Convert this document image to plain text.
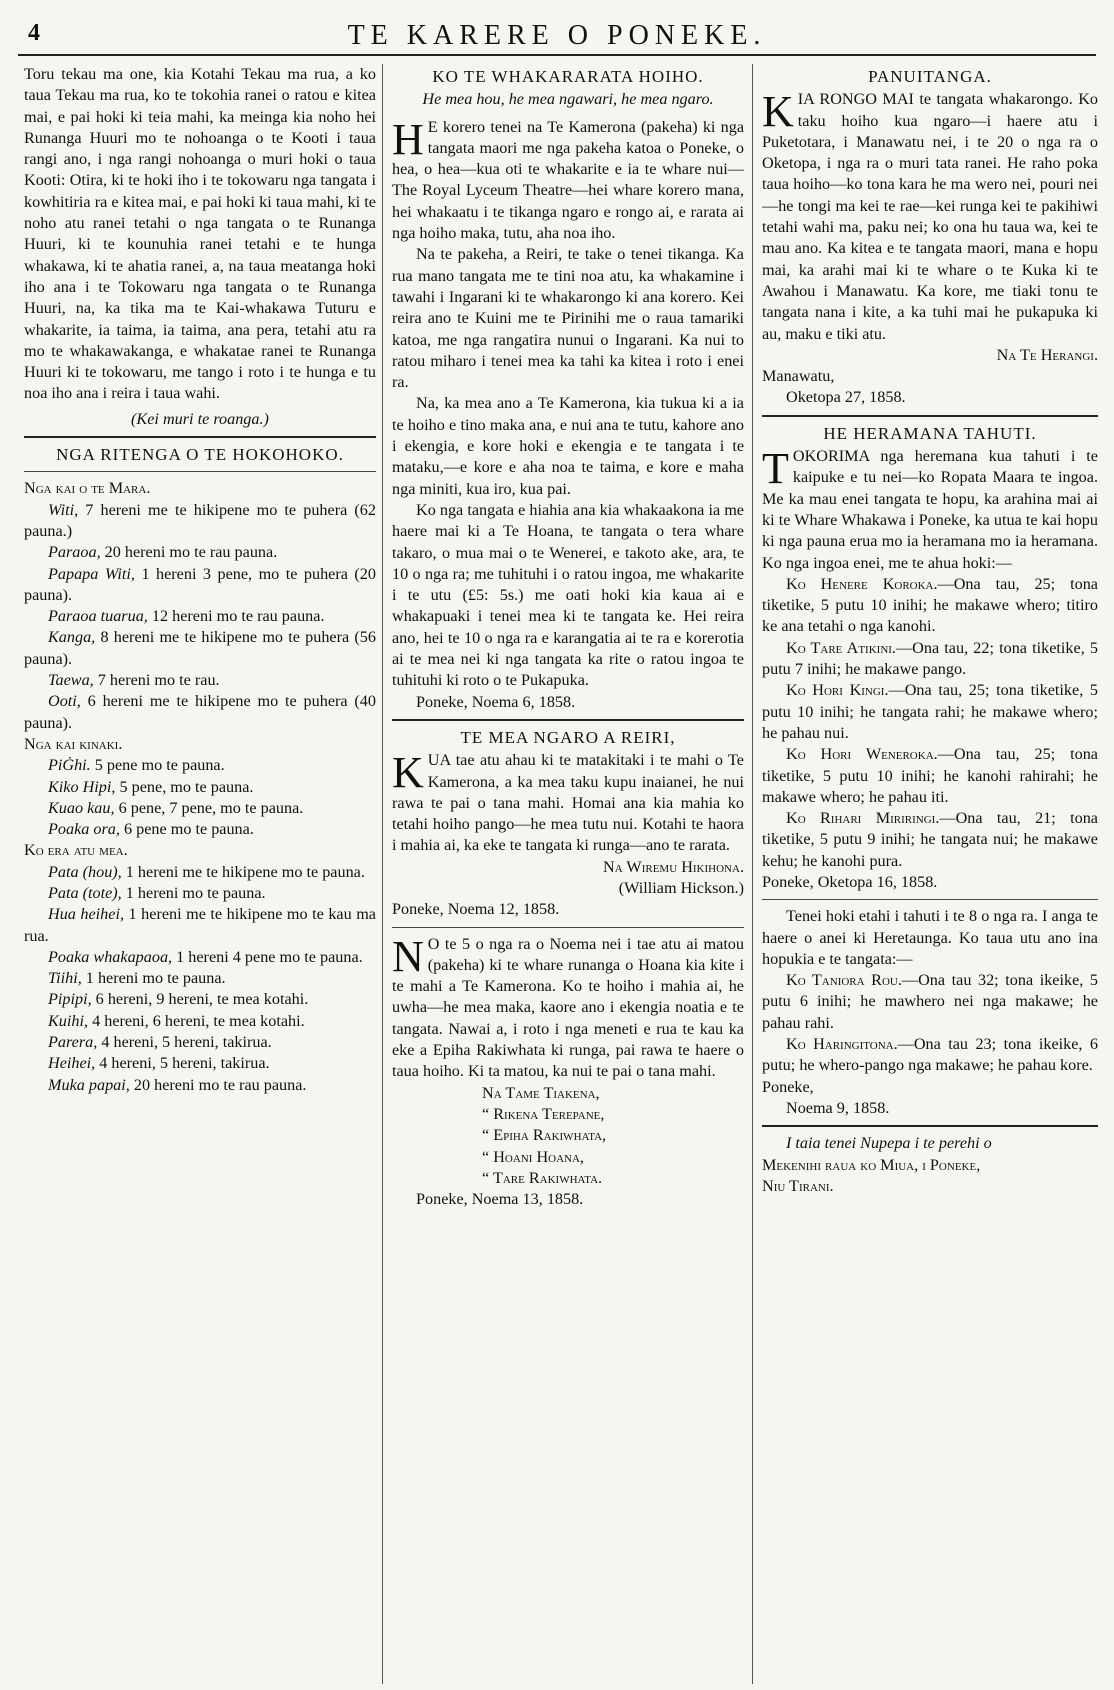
4	TE KARERE O PONEKE.

Toru tekau ma one, kia Kotahi Tekau ma rua, a ko taua Tekau ma rua, ko te tokohia ranei o ratou e kitea mai, e pai hoki ki teia mahi, ka meinga kia noho hei Runanga Huuri mo te nohoanga o te Kooti i taua rangi ano, i nga rangi nohoanga o muri hoki o taua Kooti: Otira, ki te hoki iho i te tokowaru nga tangata i kowhitiria ra e kitea mai, e pai hoki ki taua mahi, ki te noho atu ranei tetahi o nga tangata o te Runanga Huuri, ki te kounuhia ranei tetahi e te hunga whakawa, ki te ahatia ranei, a, na taua meatanga hoki iho ana i te Tokowaru nga tangata o te Runanga Huuri, na, ka tika ma te Kai-whakawa Tuturu e whakarite, ia taima, ia taima, ana pera, tetahi atu ra mo te whakawakanga, e whakatae ranei te Runanga Huuri ki te tokowaru, me tango i roto i te hunga e tu noa iho ana i reira i taua wahi.

(Kei muri te roanga.)

NGA RITENGA O TE HOKOHOKO.

Nga kai o te Mara.

Witi, 7 hereni me te hikipene mo te puhera (62 pauna.)

Paraoa, 20 hereni mo te rau pauna.

Papapa Witi, 1 hereni 3 pene, mo te puhera (20 pauna).

Paraoa tuarua, 12 hereni mo te rau pauna.

Kanga, 8 hereni me te hikipene mo te puhera (56 pauna).

Taewa, 7 hereni mo te rau.

Ooti, 6 hereni me te hikipene mo te puhera (40 pauna).

Nga kai kinaki.

PiĠhi. 5 pene mo te pauna.

Kiko Hipi, 5 pene, mo te pauna.

Kuao kau, 6 pene, 7 pene, mo te pauna.

Poaka ora, 6 pene mo te pauna.

Ko era atu mea.

Pata (hou), 1 hereni me te hikipene mo te pauna.

Pata (tote), 1 hereni mo te pauna.

Hua heihei, 1 hereni me te hikipene mo te kau ma rua.

Poaka whakapaoa, 1 hereni 4 pene mo te pauna.

Tiihi, 1 hereni mo te pauna.

Pipipi, 6 hereni, 9 hereni, te mea kotahi.

Kuihi, 4 hereni, 6 hereni, te mea kotahi.

Parera, 4 hereni, 5 hereni, takirua.

Heihei, 4 hereni, 5 hereni, takirua.

Muka papai, 20 hereni mo te rau pauna.

KO TE WHAKARARATA HOIHO.

He mea hou, he mea ngawari, he mea ngaro.

H E korero tenei na Te Kamerona (pakeha) ki nga tangata maori me nga pakeha katoa o Poneke, o hea, o hea—kua oti te whakarite e ia te whare nui—The Royal Lyceum Theatre—hei whare korero mana, hei whakaatu i te tikanga ngaro e rongo ai, e rarata ai nga hoiho maka, tutu, aha noa iho.

Na te pakeha, a Reiri, te take o tenei tikanga. Ka rua mano tangata me te tini noa atu, ka whakamine i tawahi i Ingarani ki te whakarongo ki ana korero. Kei reira ano te Kuini me te Pirinihi me o raua tamariki katoa, me nga rangatira nunui o Ingarani. Ka nui to ratou miharo i tenei mea ka tahi ka kitea i roto i enei ra.

Na, ka mea ano a Te Kamerona, kia tukua ki a ia te hoiho e tino maka ana, e nui ana te tutu, kahore ano i ekengia, e kore hoki e ekengia e te tangata i te mataku,—e kore e aha noa te taima, e kore e maha nga miniti, kua iro, kua pai.

Ko nga tangata e hiahia ana kia whakaakona ia me haere mai ki a Te Hoana, te tangata o tera whare takaro, o mua mai o te Wenerei, e takoto ake, ara, te 10 o nga ra; me tuhituhi i o ratou ingoa, me whakarite i te utu (£5: 5s.) me oati hoki kia kaua ai e whakapuaki i tenei mea ki te tangata ke. Hei reira ano, hei te 10 o nga ra e karangatia ai te ra e korerotia ai te mea nei ki nga tangata ka rite o ratou ingoa te tuhituhi ki roto o te Pukapuka.

Poneke, Noema 6, 1858.

TE MEA NGARO A REIRI,

KUA tae atu ahau ki te matakitaki i te mahi o Te Kamerona, a ka mea taku kupu inaianei, he nui rawa te pai o tana mahi. Homai ana kia mahia ko tetahi hoiho pango—he mea tutu nui. Kotahi te haora i mahia ai, ka eke te tangata ki runga—ano te rarata.

Na Wiremu Hikihona.

(William Hickson.)

Poneke, Noema 12, 1858.

N O te 5 o nga ra o Noema nei i tae atu ai matou (pakeha) ki te whare runanga o Hoana kia kite i te mahi a Te Kamerona. Ko te hoiho i mahia ai, he uwha—he mea maka, kaore ano i ekengia noatia e te tangata. Nawai a, i roto i nga meneti e rua te kau ka eke a Epiha Rakiwhata ki runga, pai rawa te haere o taua hoiho. Ki ta matou, ka nui te pai o tana mahi.

Na Tame Tiakena,

“ Rikena Terepane,

“ Epiha Rakiwhata,

“ Hoani Hoana,

“ Tare Rakiwhata.

Poneke, Noema 13, 1858.

PANUITANGA.

KIA RONGO MAI te tangata whakarongo. Ko taku hoiho kua ngaro—i haere atu i Puketotara, i Manawatu nei, i te 20 o nga ra o Oketopa, i nga ra o muri tata ranei. He raho poka taua hoiho—ko tona kara he ma wero nei, pouri nei—he tongi ma kei te rae—kei runga kei te pakihiwi tetahi wahi ma, paku nei; ko ona hu taua wa, kei te mau ano. Ka kitea e te tangata maori, mana e hopu mai, ka arahi mai ki te whare o te Kuka ki te Awahou i Manawatu. Ka kore, me tiaki tonu te tangata nana i kite, a ka tuhi mai he pukapuka ki au, maku e tiki atu.

Na Te Herangi.

Manawatu,

Oketopa 27, 1858.

HE HERAMANA TAHUTI.

TOKORIMA nga heremana kua tahuti i te kaipuke e tu nei—ko Ropata Maara te ingoa. Me ka mau enei tangata te hopu, ka arahina mai ai ki te Whare Whakawa i Poneke, ka utua te kai hopu ki nga pauna erua mo ia heramana mo ia heramana. Ko nga ingoa enei, me te ahua hoki:—

Ko Henere Koroka.—Ona tau, 25; tona tiketike, 5 putu 10 inihi; he makawe whero; titiro ke ana tetahi o nga kanohi.

Ko Tare Atikini.—Ona tau, 22; tona tiketike, 5 putu 7 inihi; he makawe pango.

Ko Hori Kingi.—Ona tau, 25; tona tiketike, 5 putu 10 inihi; he tangata rahi; he makawe whero; he pahau nui.

Ko Hori Wenerokа.—Ona tau, 25; tona tiketike, 5 putu 10 inihi; he kanohi rahirahi; he makawe whero; he pahau iti.

Ko Rihari Miriringi.—Ona tau, 21; tona tiketike, 5 putu 9 inihi; he tangata nui; he makawe kehu; he kanohi pura.

Poneke, Oketopa 16, 1858.

Tenei hoki etahi i tahuti i te 8 o nga ra. I anga te haere o anei ki Heretaunga. Ko taua utu ano ina hopukia e te tangata:—

Ko Taniora Rou.—Ona tau 32; tona ikeike, 5 putu 6 inihi; he mawhero nei nga makawe; he pahau rahi.

Ko Haringitona.—Ona tau 23; tona ikeike, 6 putu; he whero-pango nga makawe; he pahau kore.

Poneke,

Noema 9, 1858.

I taia tenei Nupepa i te perehi o

Mekenihi raua ko Miua, i Poneke,

Niu Tirani.
